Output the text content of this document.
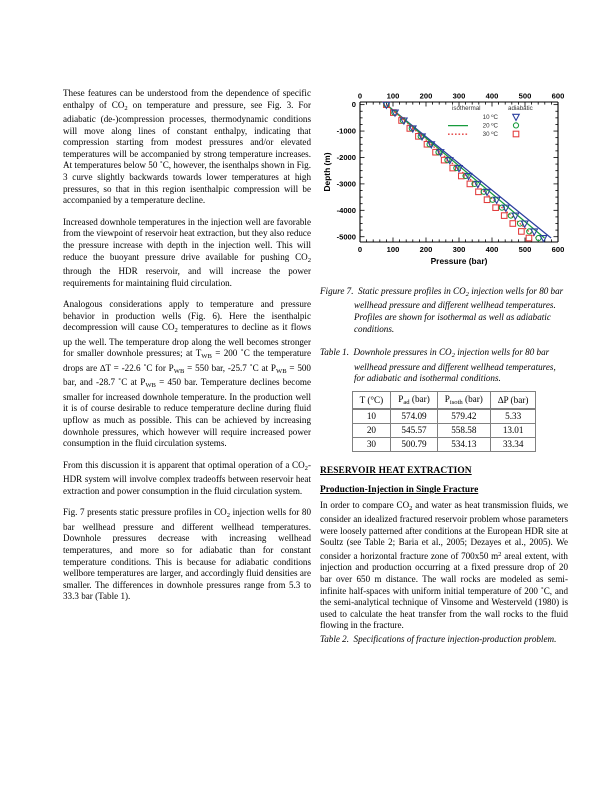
These features can be understood from the dependence of specific enthalpy of $CO_2$ on temperature and pressure, see Fig. 3. For adiabatic (de-)compression processes, thermodynamic conditions will move along lines of constant enthalpy, indicating that compression starting from modest pressures and/or elevated temperatures will be accompanied by strong temperature increases. At temperatures below 50 ˚C, however, the isenthalps shown in Fig. 3 curve slightly backwards towards lower temperatures at high pressures, so that in this region isenthalpic compression will be accompanied by a temperature decline.

Increased downhole temperatures in the injection well are favorable from the viewpoint of reservoir heat extraction, but they also reduce the pressure increase with depth in the injection well. This will reduce the buoyant pressure drive available for pushing $CO_2$ through the HDR reservoir, and will increase the power requirements for maintaining fluid circulation.

Analogous considerations apply to temperature and pressure behavior in production wells (Fig. 6). Here the isenthalpic decompression will cause $CO_2$ temperatures to decline as it flows up the well. The temperature drop along the well becomes stronger for smaller downhole pressures; at $T_{WB} = 200$ ˚C the temperature drops are ∆T = -22.6 ˚C for $P_{WB} = 550$ bar, -25.7 ˚C at $P_{WB} = 500$ bar, and -28.7 ˚C at $P_{WB} = 450$ bar. Temperature declines become smaller for increased downhole temperature. In the production well it is of course desirable to reduce temperature decline during fluid upflow as much as possible. This can be achieved by increasing downhole pressures, which however will require increased power consumption in the fluid circulation systems.

From this discussion it is apparent that optimal operation of a $CO_2$-HDR system will involve complex tradeoffs between reservoir heat extraction and power consumption in the fluid circulation system.

Fig. 7 presents static pressure profiles in $CO_2$ injection wells for 80 bar wellhead pressure and different wellhead temperatures. Downhole pressures decrease with increasing wellhead temperatures, and more so for adiabatic than for constant temperature conditions. This is because for adiabatic conditions wellbore temperatures are larger, and accordingly fluid densities are smaller. The differences in downhole pressures range from 5.3 to 33.3 bar (Table 1).

0
0
100
100
200
200
300
300
400
400
500
500
600
600
0
-1000
-2000
-3000
-4000
-5000
Pressure (bar)
Depth (m)
isothermal	adiabatic
10 ºC
20 ºC
30 ºC

Figure 7.  Static pressure profiles in $CO_2$ injection wells for 80 bar wellhead pressure and different wellhead temperatures. Profiles are shown for isothermal as well as adiabatic conditions.

Table 1.  Downhole pressures in $CO_2$ injection wells for 80 bar wellhead pressure and different wellhead temperatures, for adiabatic and isothermal conditions.

T (°C)	$P_{ad}$ (bar)	$P_{isoth}$ (bar)	∆P (bar)
10	574.09	579.42	5.33
20	545.57	558.58	13.01
30	500.79	534.13	33.34
RESERVOIR HEAT EXTRACTION
Production-Injection in Single Fracture

In order to compare $CO_2$ and water as heat transmission fluids, we consider an idealized fractured reservoir problem whose parameters were loosely patterned after conditions at the European HDR site at Soultz (see Table 2; Baria et al., 2005; Dezayes et al., 2005). We consider a horizontal fracture zone of 700x50 $m^2$ areal extent, with injection and production occurring at a fixed pressure drop of 20 bar over 650 m distance. The wall rocks are modeled as semi-infinite half-spaces with uniform initial temperature of 200 ˚C, and the semi-analytical technique of Vinsome and Westerveld (1980) is used to calculate the heat transfer from the wall rocks to the fluid flowing in the fracture.

Table 2.  Specifications of fracture injection-production problem.
